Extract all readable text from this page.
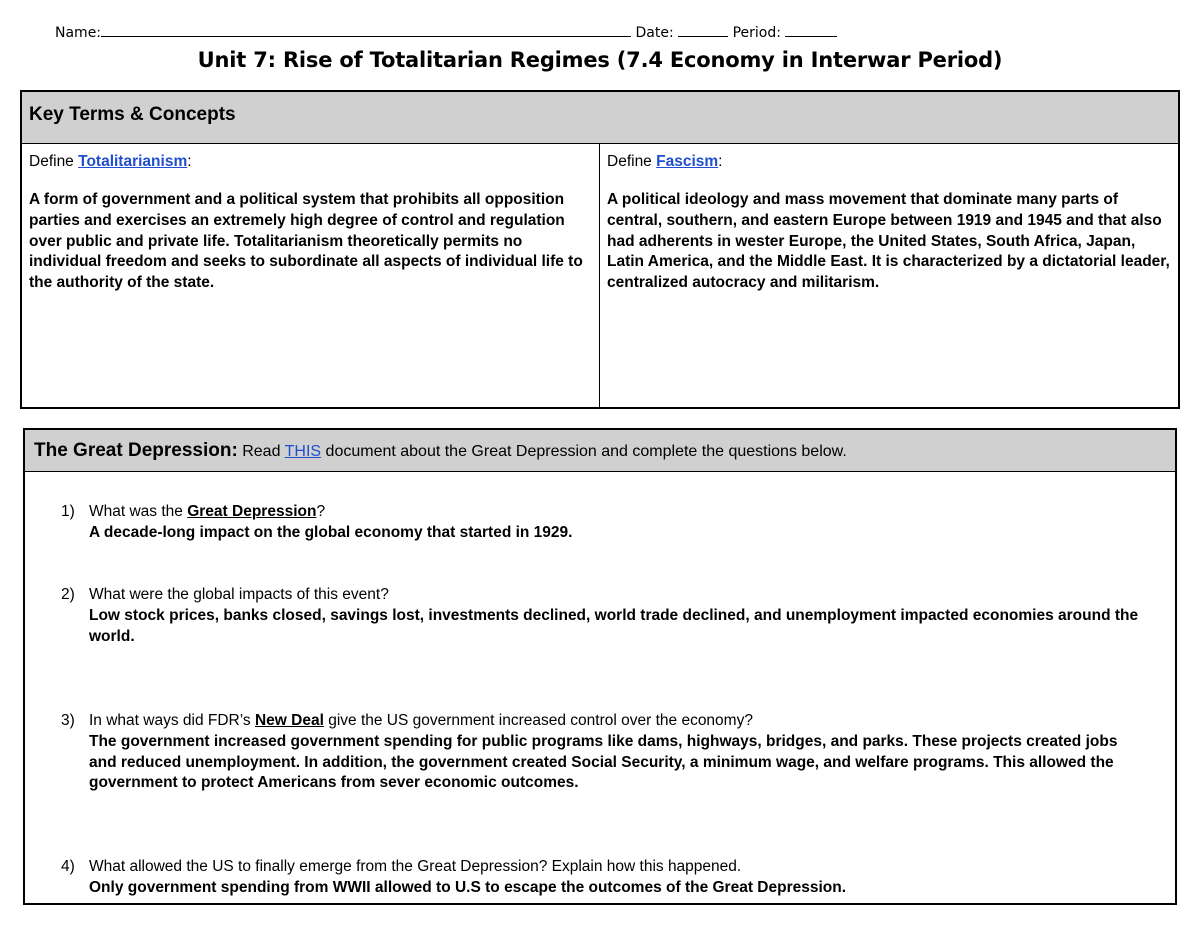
Name:	Date:	Period:
Unit 7: Rise of Totalitarian Regimes (7.4 Economy in Interwar Period)
Key Terms & Concepts
Define Totalitarianism:
A form of government and a political system that prohibits all opposition parties and exercises an extremely high degree of control and regulation over public and private life. Totalitarianism theoretically permits no individual freedom and seeks to subordinate all aspects of individual life to the authority of the state.
Define Fascism:
A political ideology and mass movement that dominate many parts of central, southern, and eastern Europe between 1919 and 1945 and that also had adherents in wester Europe, the United States, South Africa, Japan, Latin America, and the Middle East. It is characterized by a dictatorial leader, centralized autocracy and militarism.
The Great Depression: Read THIS document about the Great Depression and complete the questions below.
1) What was the Great Depression?
A decade-long impact on the global economy that started in 1929.
2) What were the global impacts of this event?
Low stock prices, banks closed, savings lost, investments declined, world trade declined, and unemployment impacted economies around the world.
3) In what ways did FDR’s New Deal give the US government increased control over the economy?
The government increased government spending for public programs like dams, highways, bridges, and parks. These projects created jobs and reduced unemployment. In addition, the government created Social Security, a minimum wage, and welfare programs. This allowed the government to protect Americans from sever economic outcomes.
4) What allowed the US to finally emerge from the Great Depression? Explain how this happened.
Only government spending from WWII allowed to U.S to escape the outcomes of the Great Depression.
